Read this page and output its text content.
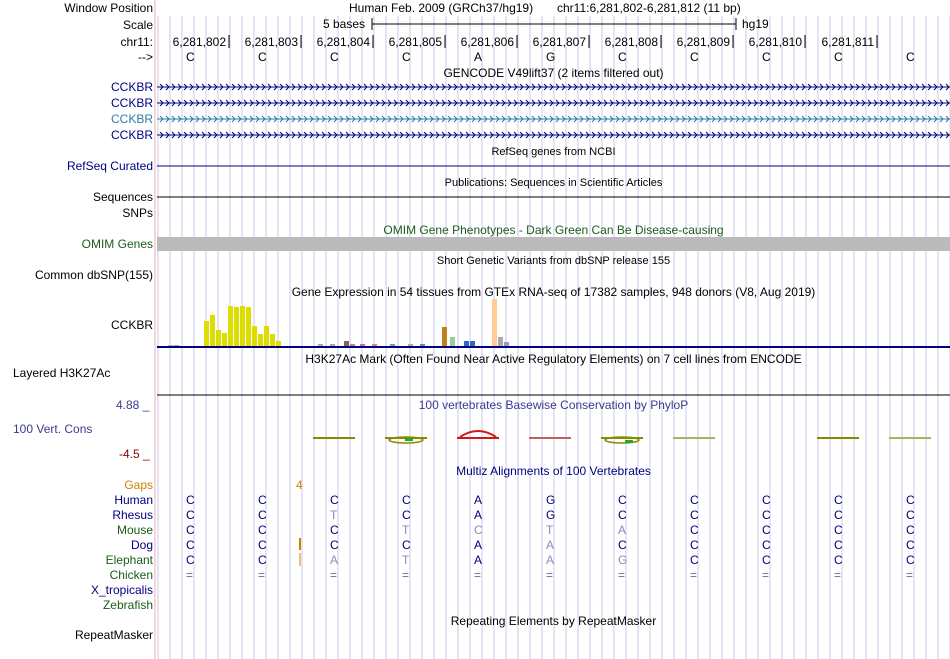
Window Position	Human Feb. 2009 (GRCh37/hg19) chr11:6,281,802-6,281,812 (11 bp)
Scale	5 bases	hg19
chr11: 6,281,802 6,281,803 6,281,804 6,281,805 6,281,806 6,281,807 6,281,808 6,281,809 6,281,810 6,281,811
-->	C	C	C	C	A	G	C	C	C	C	C
GENCODE V49lift37 (2 items filtered out)
CCKBR
CCKBR
CCKBR
CCKBR
RefSeq genes from NCBI
RefSeq Curated
Publications: Sequences in Scientific Articles
Sequences
SNPs
OMIM Gene Phenotypes - Dark Green Can Be Disease-causing
OMIM Genes
Short Genetic Variants from dbSNP release 155
Common dbSNP(155)
Gene Expression in 54 tissues from GTEx RNA-seq of 17382 samples, 948 donors (V8, Aug 2019)
CCKBR
H3K27Ac Mark (Often Found Near Active Regulatory Elements) on 7 cell lines from ENCODE
Layered H3K27Ac
100 vertebrates Basewise Conservation by PhyloP
4.88 _
100 Vert. Cons
-4.5 _
Multiz Alignments of 100 Vertebrates
Gaps	4
Human	C	C	C	C	A	G	C	C	C	C	C
Rhesus	C	C	T	C	A	G	C	C	C	C	C
Mouse	C	C	C	T	C	T	A	C	C	C	C
Dog	C	C	C	C	A	A	C	C	C	C	C
Elephant	C	C	A	T	A	A	G	C	C	C	C
Chicken	=	=	=	=	=	=	=	=	=	=	=
X_tropicalis
Zebrafish
Repeating Elements by RepeatMasker
RepeatMasker
